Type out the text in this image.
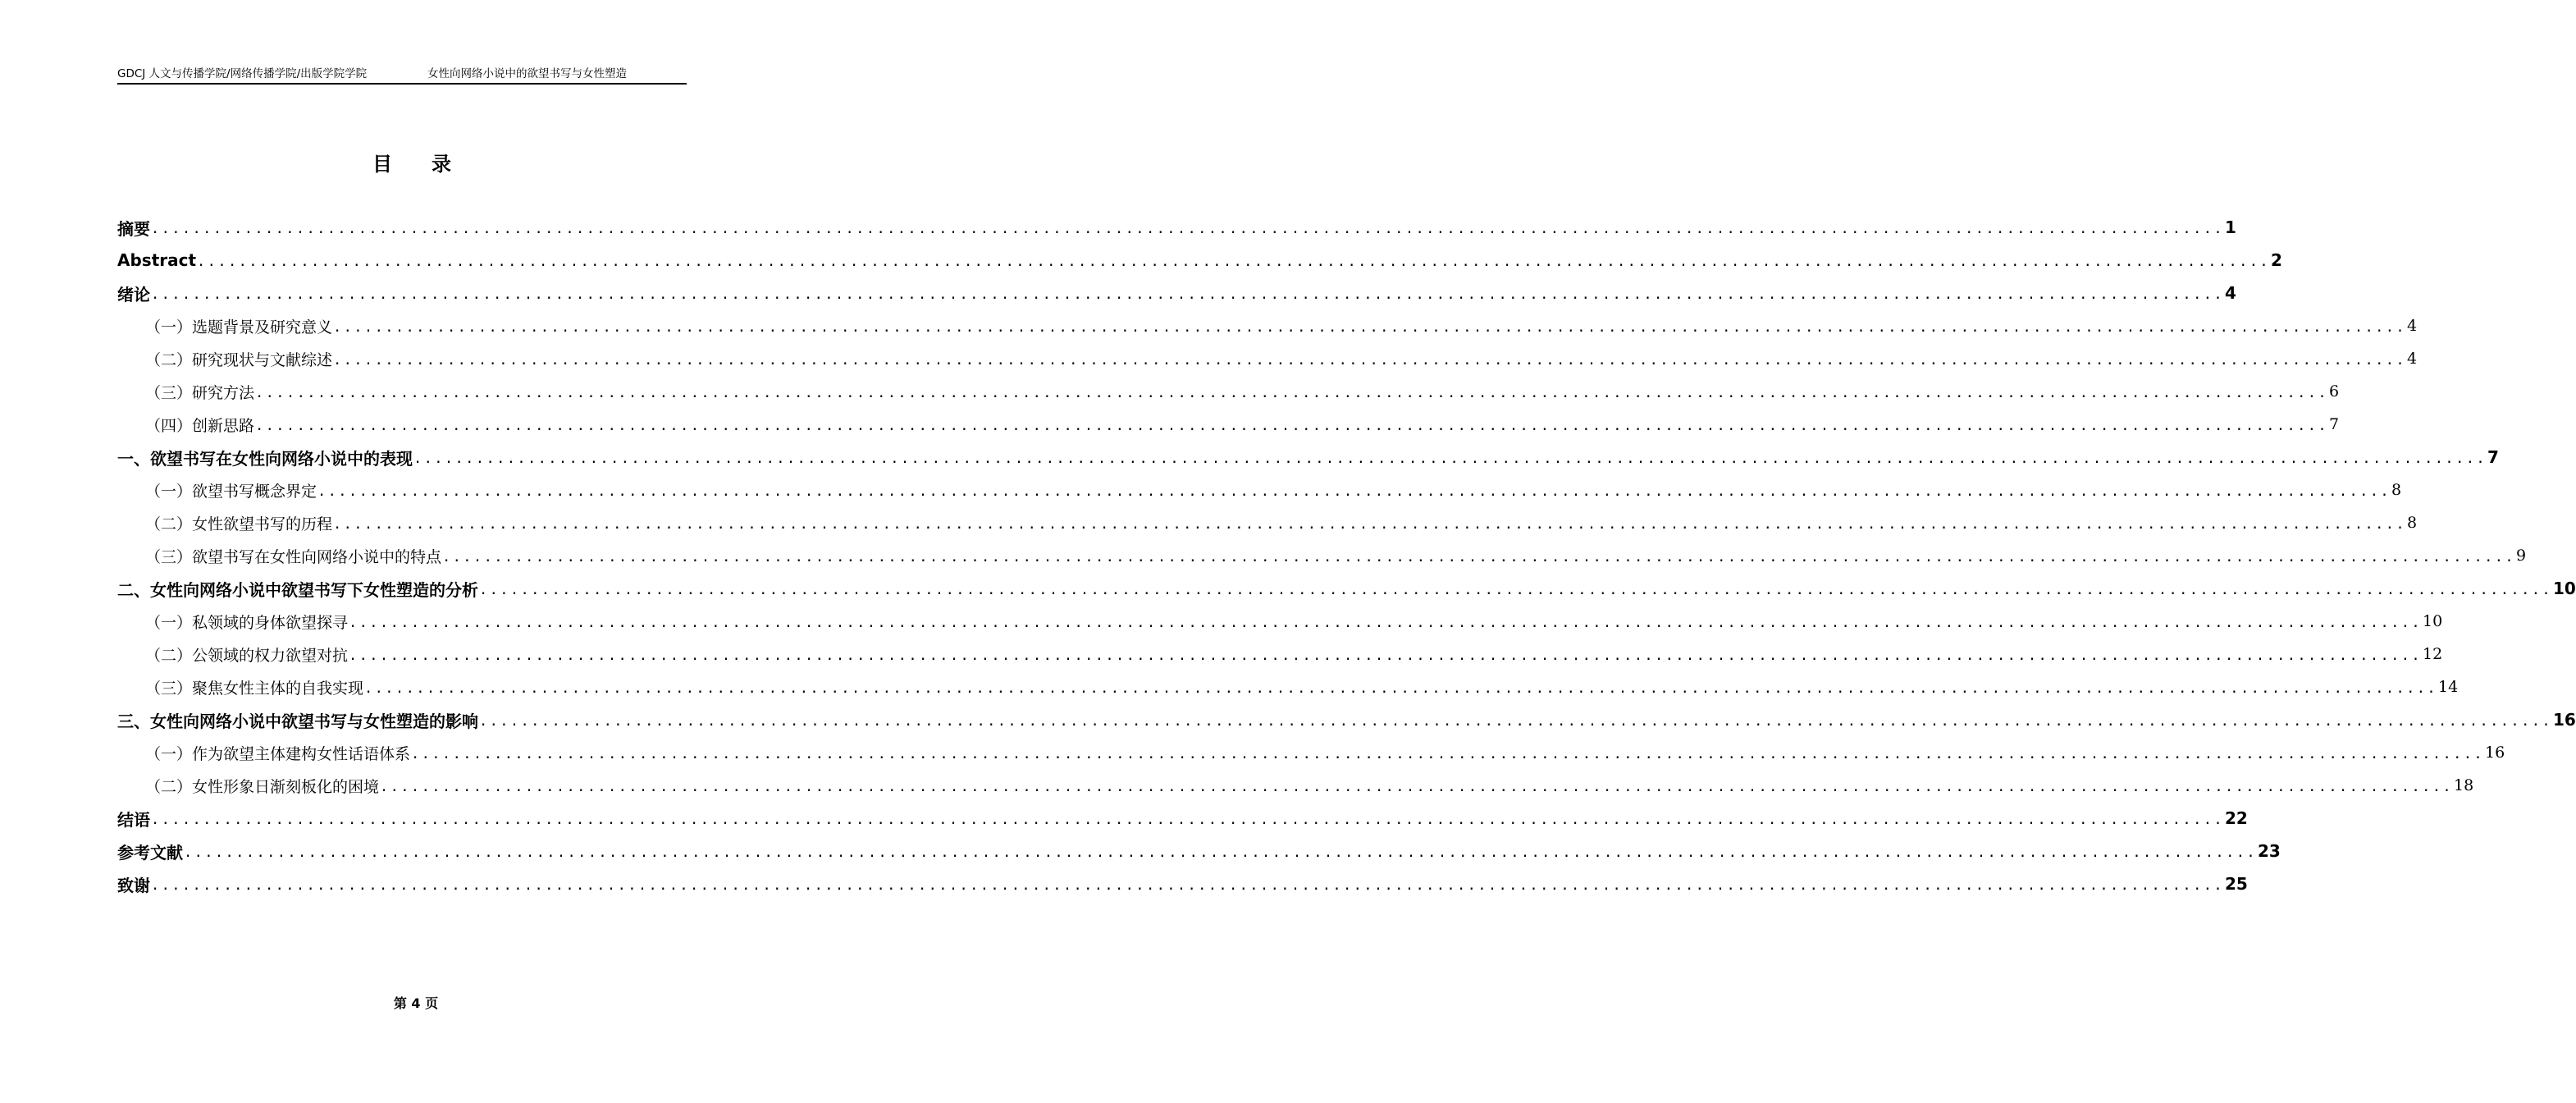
GDCJ 人文与传播学院/网络传播学院/出版学院学院	女性向网络小说中的欲望书写与女性塑造
目 录
摘要 ........................................................................................................................................................................................................ 1
Abstract ........................................................................................................................................................................................................ 2
绪论 ........................................................................................................................................................................................................ 4
（一） 选题背景及研究意义 ........................................................................................................................................................................................................ 4
（二） 研究现状与文献综述 ........................................................................................................................................................................................................ 4
（三） 研究方法 ........................................................................................................................................................................................................ 6
（四） 创新思路 ........................................................................................................................................................................................................ 7
一、欲望书写在女性向网络小说中的表现 ........................................................................................................................................................................................................ 7
（一） 欲望书写概念界定 ........................................................................................................................................................................................................ 8
（二） 女性欲望书写的历程 ........................................................................................................................................................................................................ 8
（三） 欲望书写在女性向网络小说中的特点 ........................................................................................................................................................................................................ 9
二、女性向网络小说中欲望书写下女性塑造的分析 ........................................................................................................................................................................................................ 10
（一） 私领域的身体欲望探寻 ........................................................................................................................................................................................................ 10
（二） 公领域的权力欲望对抗 ........................................................................................................................................................................................................ 12
（三） 聚焦女性主体的自我实现 ........................................................................................................................................................................................................ 14
三、女性向网络小说中欲望书写与女性塑造的影响 ........................................................................................................................................................................................................ 16
（一） 作为欲望主体建构女性话语体系 ........................................................................................................................................................................................................ 16
（二） 女性形象日渐刻板化的困境 ........................................................................................................................................................................................................ 18
结语 ........................................................................................................................................................................................................ 22
参考文献 ........................................................................................................................................................................................................ 23
致谢 ........................................................................................................................................................................................................ 25
第 4 页
